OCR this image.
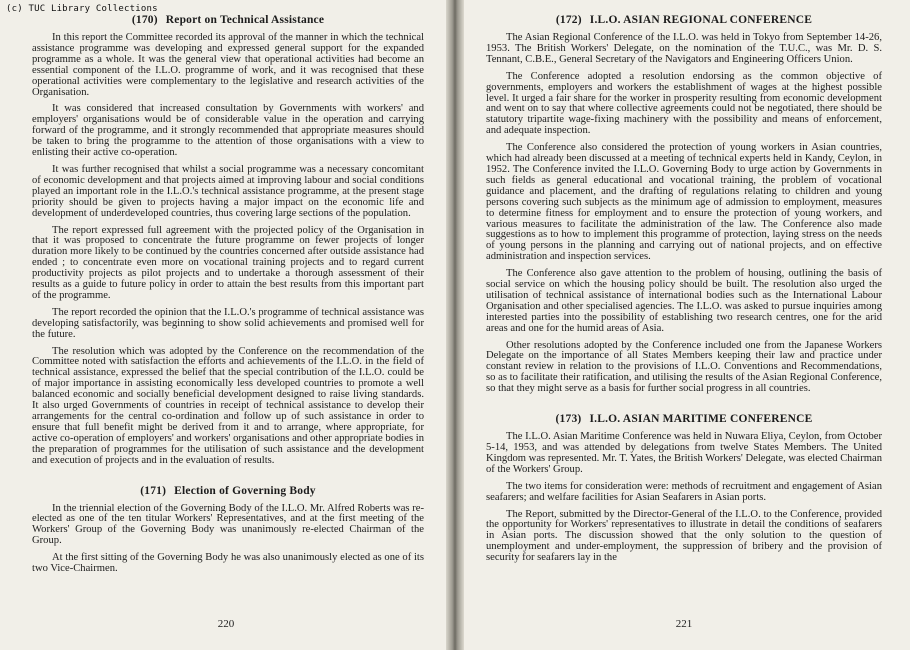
(c) TUC Library Collections
(170) Report on Technical Assistance

In this report the Committee recorded its approval of the manner in which the technical assistance programme was developing and expressed general support for the expanded programme as a whole. It was the general view that operational activities had become an essential component of the I.L.O. programme of work, and it was recognised that these operational activities were complementary to the legislative and research activities of the Organisation.

It was considered that increased consultation by Governments with workers' and employers' organisations would be of considerable value in the operation and carrying forward of the programme, and it strongly recommended that appropriate measures should be taken to bring the programme to the attention of those organisations with a view to enlisting their active co-operation.

It was further recognised that whilst a social programme was a necessary concomitant of economic development and that projects aimed at improving labour and social conditions played an important role in the I.L.O.'s technical assistance programme, at the present stage priority should be given to projects having a major impact on the economic life and development of underdeveloped countries, thus covering large sections of the population.

The report expressed full agreement with the projected policy of the Organisation in that it was proposed to concentrate the future programme on fewer projects of longer duration more likely to be continued by the countries concerned after outside assistance had ended ; to concentrate even more on vocational training projects and to regard current productivity projects as pilot projects and to undertake a thorough assessment of their results as a guide to future policy in order to attain the best results from this important part of the programme.

The report recorded the opinion that the I.L.O.'s programme of technical assistance was developing satisfactorily, was beginning to show solid achievements and promised well for the future.

The resolution which was adopted by the Conference on the recommendation of the Committee noted with satisfaction the efforts and achievements of the I.L.O. in the field of technical assistance, expressed the belief that the special contribution of the I.L.O. could be of major importance in assisting economically less developed countries to promote a well balanced economic and socially beneficial development designed to raise living standards. It also urged Governments of countries in receipt of technical assistance to develop their arrangements for the central co-ordination and follow up of such assistance in order to ensure that full benefit might be derived from it and to arrange, where appropriate, for active co-operation of employers' and workers' organisations and other appropriate bodies in the preparation of programmes for the utilisation of such assistance and the development and execution of projects and in the evaluation of results.

(171) Election of Governing Body

In the triennial election of the Governing Body of the I.L.O. Mr. Alfred Roberts was re-elected as one of the ten titular Workers' Representatives, and at the first meeting of the Workers' Group of the Governing Body was unanimously re-elected Chairman of the Group.

At the first sitting of the Governing Body he was also unanimously elected as one of its two Vice-Chairmen.

220
(172) I.L.O. ASIAN REGIONAL CONFERENCE

The Asian Regional Conference of the I.L.O. was held in Tokyo from September 14-26, 1953. The British Workers' Delegate, on the nomination of the T.U.C., was Mr. D. S. Tennant, C.B.E., General Secretary of the Navigators and Engineering Officers Union.

The Conference adopted a resolution endorsing as the common objective of governments, employers and workers the establishment of wages at the highest possible level. It urged a fair share for the worker in prosperity resulting from economic development and went on to say that where collective agreements could not be negotiated, there should be statutory tripartite wage-fixing machinery with the possibility and means of enforcement, and adequate inspection.

The Conference also considered the protection of young workers in Asian countries, which had already been discussed at a meeting of technical experts held in Kandy, Ceylon, in 1952. The Conference invited the I.L.O. Governing Body to urge action by Governments in such fields as general educational and vocational training, the problem of vocational guidance and placement, and the drafting of regulations relating to children and young persons covering such subjects as the minimum age of admission to employment, measures to determine fitness for employment and to ensure the protection of young workers, and various measures to facilitate the administration of the law. The Conference also made suggestions as to how to implement this programme of protection, laying stress on the needs of young persons in the planning and carrying out of national projects, and on effective administration and inspection services.

The Conference also gave attention to the problem of housing, outlining the basis of social service on which the housing policy should be built. The resolution also urged the utilisation of technical assistance of international bodies such as the International Labour Organisation and other specialised agencies. The I.L.O. was asked to pursue inquiries among interested parties into the possibility of establishing two research centres, one for the arid areas and one for the humid areas of Asia.

Other resolutions adopted by the Conference included one from the Japanese Workers Delegate on the importance of all States Members keeping their law and practice under constant review in relation to the provisions of I.L.O. Conventions and Recommendations, so as to facilitate their ratification, and utilising the results of the Asian Regional Conference, so that they might serve as a basis for further social progress in all countries.

(173) I.L.O. ASIAN MARITIME CONFERENCE

The I.L.O. Asian Maritime Conference was held in Nuwara Eliya, Ceylon, from October 5-14, 1953, and was attended by delegations from twelve States Members. The United Kingdom was represented. Mr. T. Yates, the British Workers' Delegate, was elected Chairman of the Workers' Group.

The two items for consideration were: methods of recruitment and engagement of Asian seafarers; and welfare facilities for Asian Seafarers in Asian ports.

The Report, submitted by the Director-General of the I.L.O. to the Conference, provided the opportunity for Workers' representatives to illustrate in detail the conditions of seafarers in Asian ports. The discussion showed that the only solution to the question of unemployment and under-employment, the suppression of bribery and the provision of security for seafarers lay in the

221
